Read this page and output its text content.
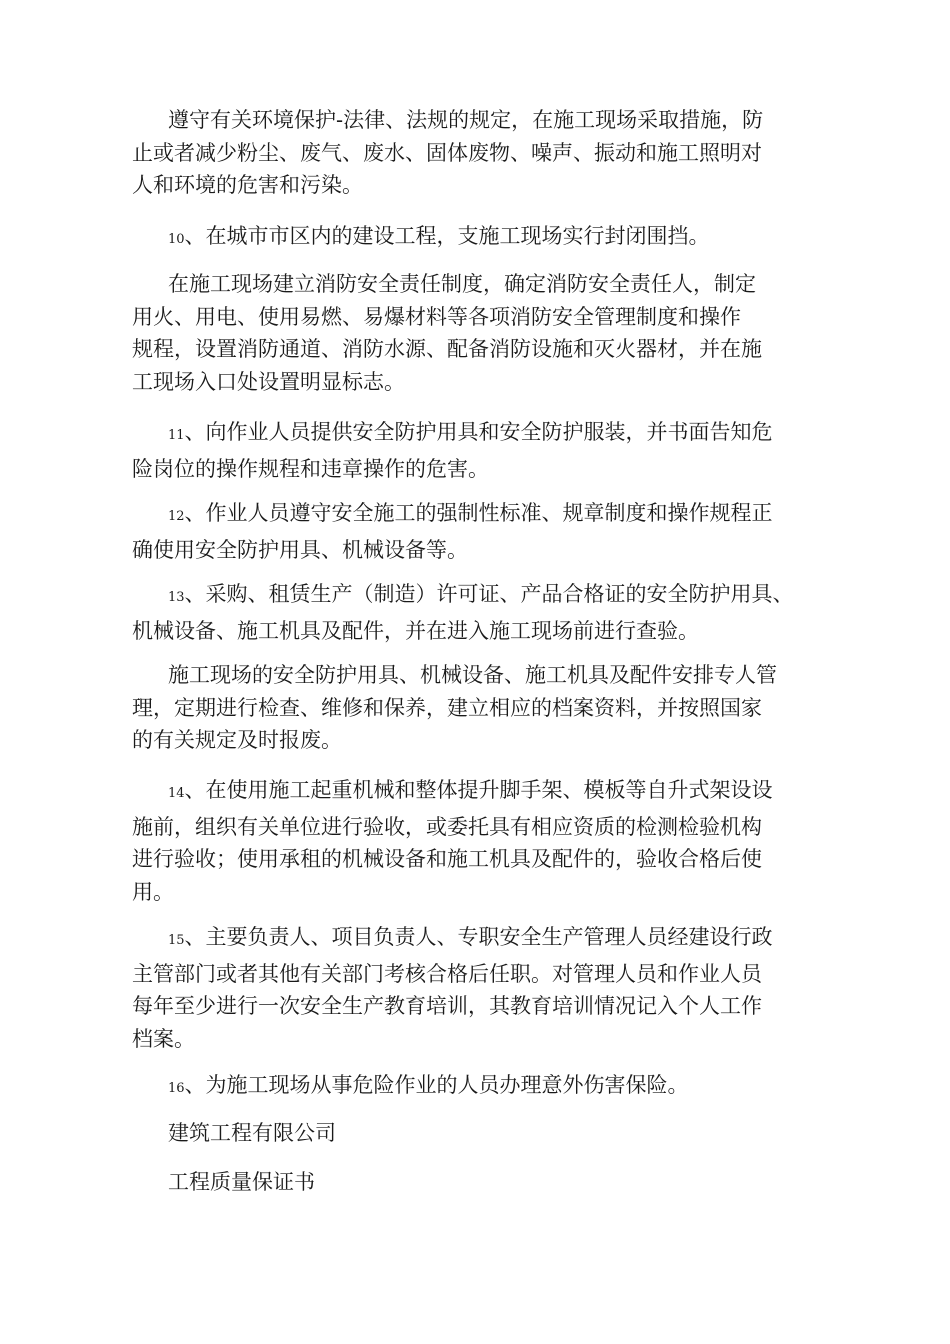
遵守有关环境保护-法律、法规的规定，在施工现场采取措施，防
止或者减少粉尘、废气、废水、固体废物、噪声、振动和施工照明对
人和环境的危害和污染。

10、在城市市区内的建设工程，支施工现场实行封闭围挡。

在施工现场建立消防安全责任制度，确定消防安全责任人，制定
用火、用电、使用易燃、易爆材料等各项消防安全管理制度和操作
规程，设置消防通道、消防水源、配备消防设施和灭火器材，并在施
工现场入口处设置明显标志。

11、向作业人员提供安全防护用具和安全防护服装，并书面告知危
险岗位的操作规程和违章操作的危害。

12、作业人员遵守安全施工的强制性标准、规章制度和操作规程正
确使用安全防护用具、机械设备等。

13、采购、租赁生产（制造）许可证、产品合格证的安全防护用具、
机械设备、施工机具及配件，并在进入施工现场前进行查验。

施工现场的安全防护用具、机械设备、施工机具及配件安排专人管
理，定期进行检查、维修和保养，建立相应的档案资料，并按照国家
的有关规定及时报废。

14、在使用施工起重机械和整体提升脚手架、模板等自升式架设设
施前，组织有关单位进行验收，或委托具有相应资质的检测检验机构
进行验收；使用承租的机械设备和施工机具及配件的，验收合格后使
用。

15、主要负责人、项目负责人、专职安全生产管理人员经建设行政
主管部门或者其他有关部门考核合格后任职。对管理人员和作业人员
每年至少进行一次安全生产教育培训，其教育培训情况记入个人工作
档案。

16、为施工现场从事危险作业的人员办理意外伤害保险。

建筑工程有限公司

工程质量保证书
